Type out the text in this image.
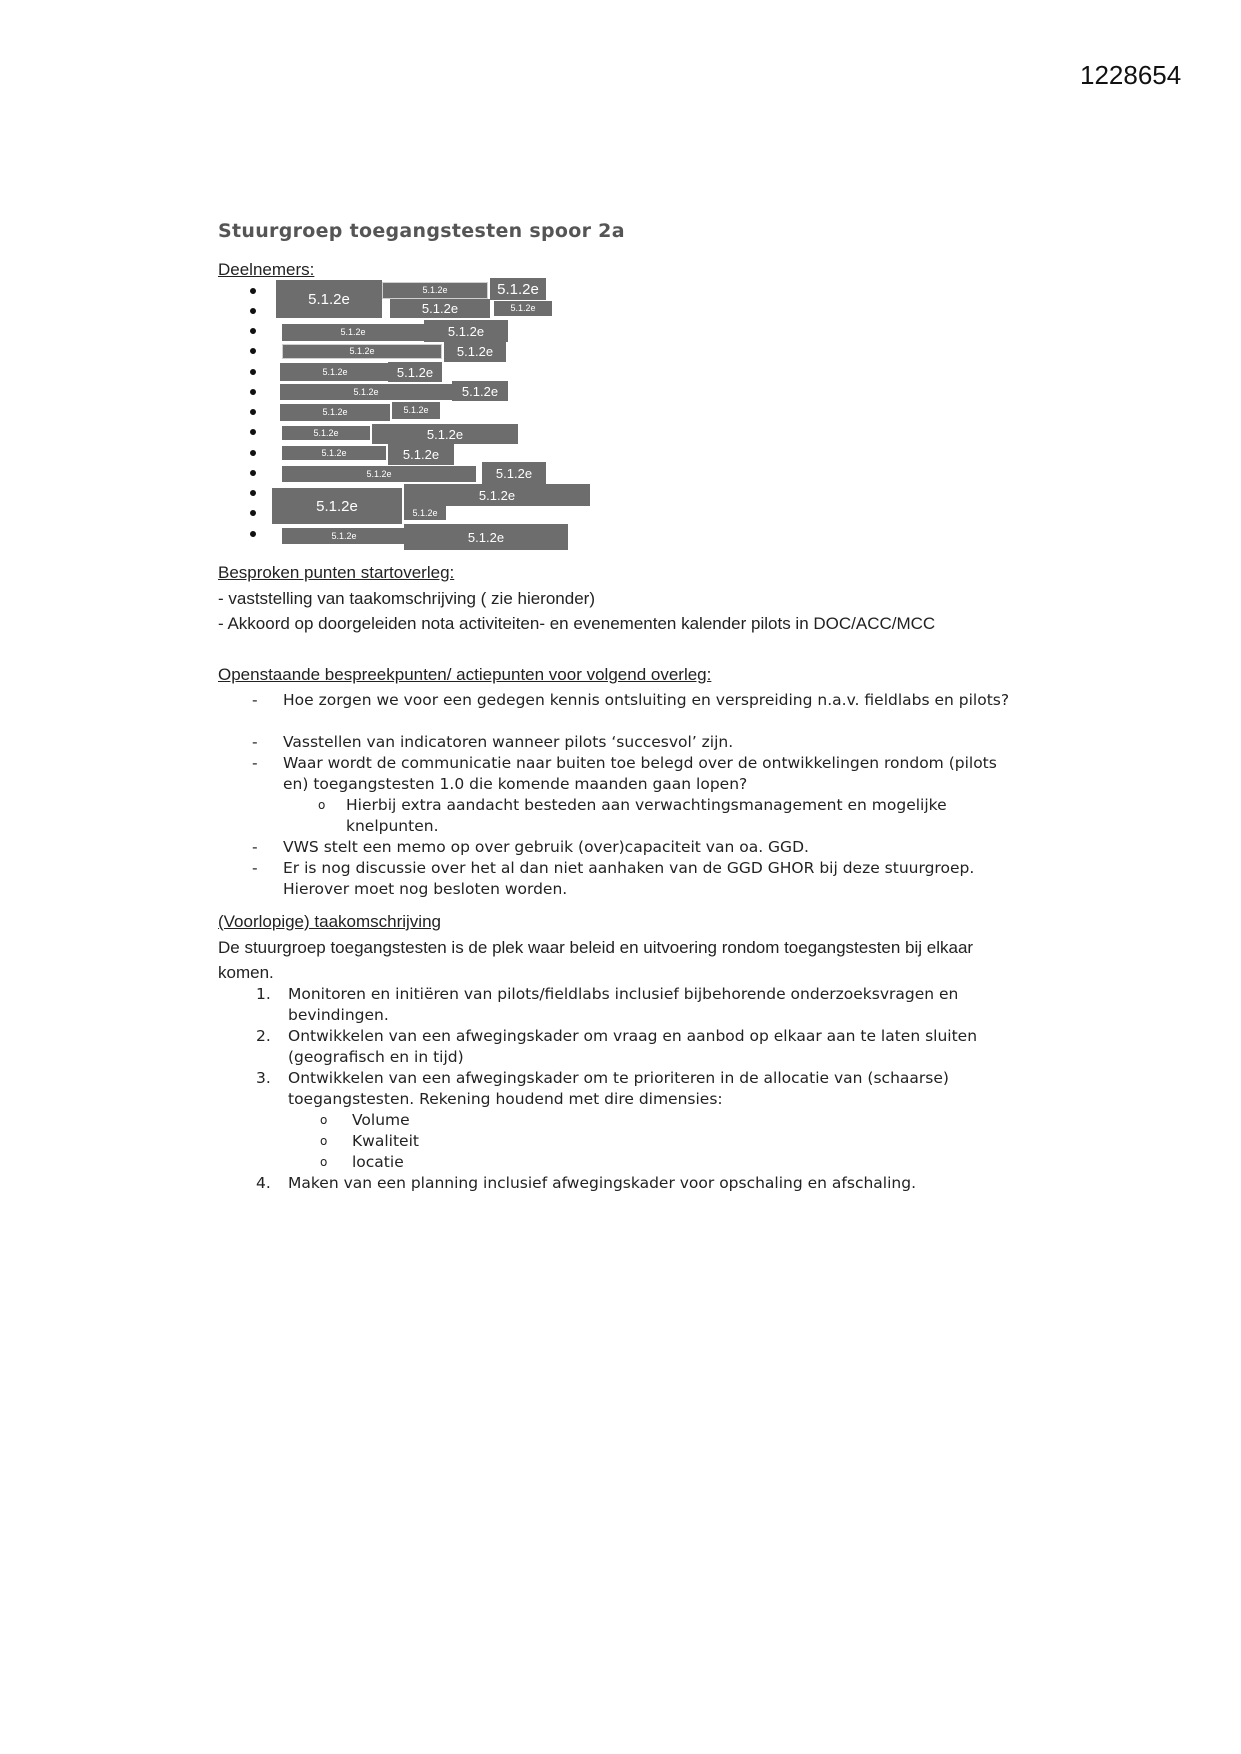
1228654
Stuurgroep toegangstesten spoor 2a
Deelnemers:
5.1.2e
5.1.2e	5.1.2e
5.1.2e	5.1.2e
5.1.2e	5.1.2e
5.1.2e	5.1.2e
5.1.2e	5.1.2e
5.1.2e	5.1.2e
5.1.2e	5.1.2e
5.1.2e	5.1.2e
5.1.2e	5.1.2e
5.1.2e	5.1.2e
5.1.2e
5.1.2e
5.1.2e
5.1.2e	5.1.2e
Besproken punten startoverleg:
- vaststelling van taakomschrijving ( zie hieronder)
- Akkoord op doorgeleiden nota activiteiten- en evenementen kalender pilots in DOC/ACC/MCC
Openstaande bespreekpunten/ actiepunten voor volgend overleg:
- Hoe zorgen we voor een gedegen kennis ontsluiting en verspreiding n.a.v. fieldlabs en pilots?
- Vasstellen van indicatoren wanneer pilots ‘succesvol’ zijn.
- Waar wordt de communicatie naar buiten toe belegd over de ontwikkelingen rondom (pilots en) toegangstesten 1.0 die komende maanden gaan lopen?
o Hierbij extra aandacht besteden aan verwachtingsmanagement en mogelijke knelpunten.
- VWS stelt een memo op over gebruik (over)capaciteit van oa. GGD.
- Er is nog discussie over het al dan niet aanhaken van de GGD GHOR bij deze stuurgroep. Hierover moet nog besloten worden.
(Voorlopige) taakomschrijving
De stuurgroep toegangstesten is de plek waar beleid en uitvoering rondom toegangstesten bij elkaar komen.
1. Monitoren en initiëren van pilots/fieldlabs inclusief bijbehorende onderzoeksvragen en bevindingen.
2. Ontwikkelen van een afwegingskader om vraag en aanbod op elkaar aan te laten sluiten (geografisch en in tijd)
3. Ontwikkelen van een afwegingskader om te prioriteren in de allocatie van (schaarse) toegangstesten. Rekening houdend met dire dimensies:
o Volume
o Kwaliteit
o locatie
4. Maken van een planning inclusief afwegingskader voor opschaling en afschaling.
